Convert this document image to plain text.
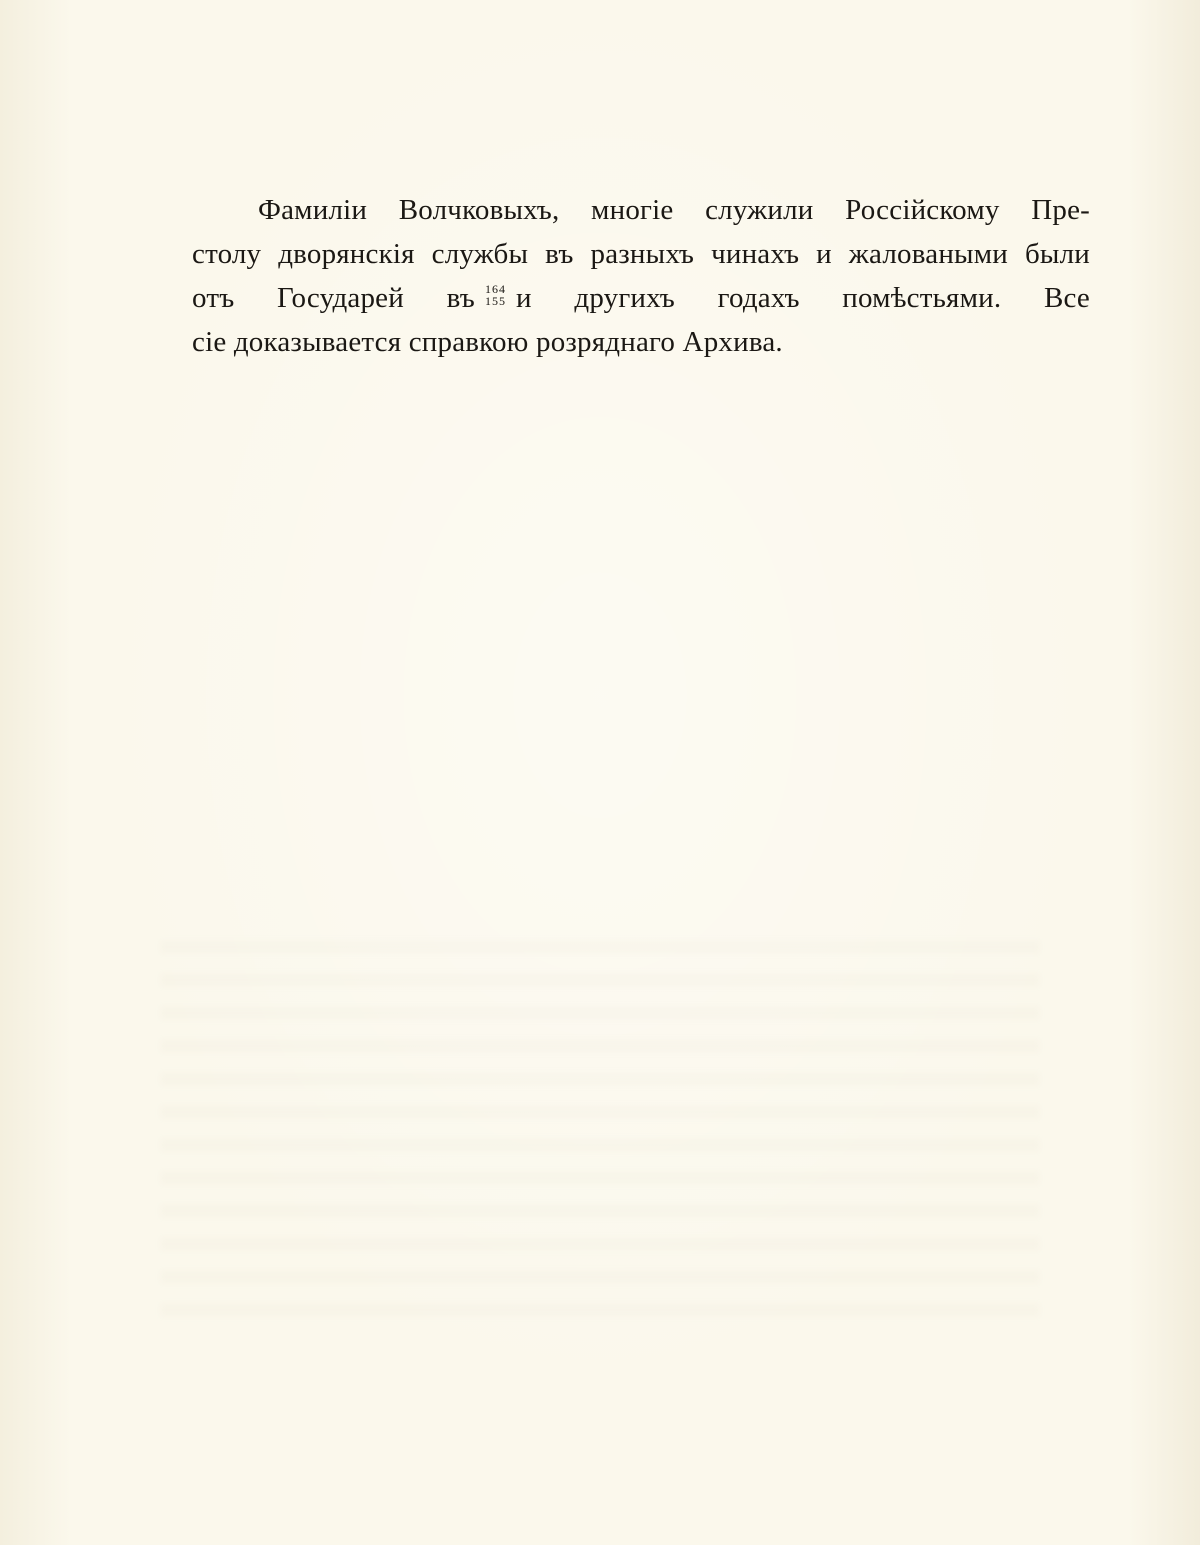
Фамилiи Волчковыхъ, многiе служили Россiйскому Пре-
столу дворянскiя службы въ разныхъ чинахъ и жаловаными были
отъ Государей въ 164
155 и другихъ годахъ помѣстьями. Все
сiе доказывается справкою розряднаго Архива.
